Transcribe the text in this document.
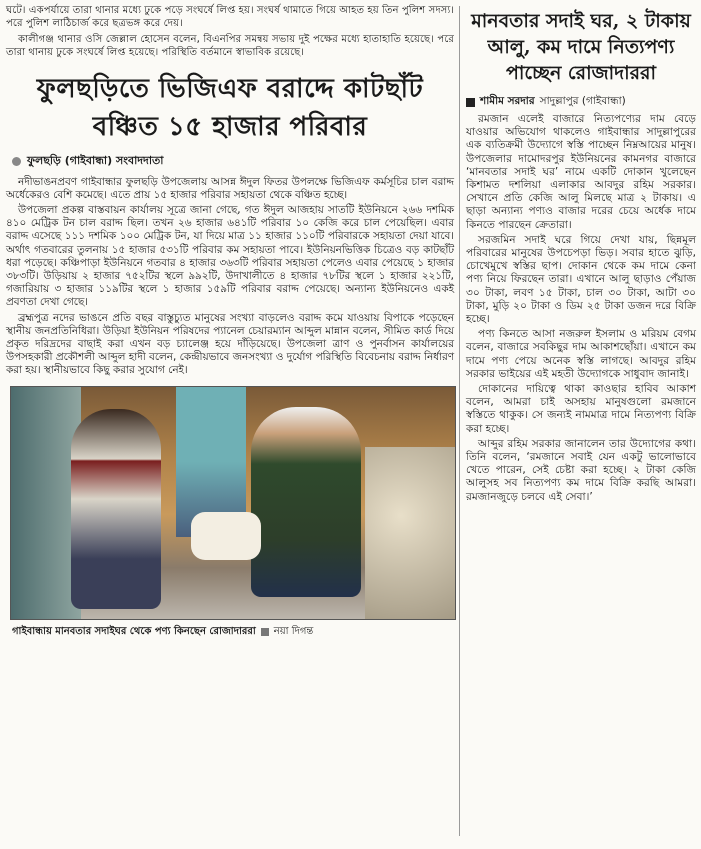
ঘটে। একপর্যায়ে তারা থানার মধ্যে ঢুকে পড়ে সংঘর্ষে লিপ্ত হয়। সংঘর্ষ থামাতে গিয়ে আহত হয় তিন পুলিশ সদস্য। পরে পুলিশ লাঠিচার্জ করে ছত্রভঙ্গ করে দেয়।

কালীগঞ্জ থানার ওসি জেল্লাল হোসেন বলেন, বিএনপির সমন্বয় সভায় দুই পক্ষের মধ্যে হাতাহাতি হয়েছে। পরে তারা থানায় ঢুকে সংঘর্ষে লিপ্ত হয়েছে। পরিস্থিতি বর্তমানে স্বাভাবিক রয়েছে।

ফুলছড়িতে ভিজিএফ বরাদ্দে কাটছাঁট
বঞ্চিত ১৫ হাজার পরিবার
ফুলছড়ি (গাইবান্ধা) সংবাদদাতা

নদীভাঙনপ্রবণ গাইবান্ধার ফুলছড়ি উপজেলায় আসন্ন ঈদুল ফিতর উপলক্ষে ভিজিএফ কর্মসূচির চাল বরাদ্দ অর্ধেকেরও বেশি কমেছে। এতে প্রায় ১৫ হাজার পরিবার সহায়তা থেকে বঞ্চিত হচ্ছে।

উপজেলা প্রকল্প বাস্তবায়ন কার্যালয় সূত্রে জানা গেছে, গত ঈদুল আজহায় সাতটি ইউনিয়নে ২৬৬ দশমিক ৪১০ মেট্রিক টন চাল বরাদ্দ ছিল। তখন ২৬ হাজার ৬৪১টি পরিবার ১০ কেজি করে চাল পেয়েছিল। এবার বরাদ্দ এসেছে ১১১ দশমিক ১০০ মেট্রিক টন, যা দিয়ে মাত্র ১১ হাজার ১১০টি পরিবারকে সহায়তা দেয়া যাবে। অর্থাৎ গতবারের তুলনায় ১৫ হাজার ৫৩১টি পরিবার কম সহায়তা পাবে। ইউনিয়নভিত্তিক চিত্রেও বড় কাটছাঁট ধরা পড়েছে। কঞ্চিপাড়া ইউনিয়নে গতবার ৪ হাজার ৩৬৩টি পরিবার সহায়তা পেলেও এবার পেয়েছে ১ হাজার ৩৮৩টি। উড়িয়ায় ২ হাজার ৭৫২টির স্থলে ৯৯২টি, উদাখালীতে ৪ হাজার ৭৮টির স্থলে ১ হাজার ২২১টি, গজারিয়ায় ৩ হাজার ১১৯টির স্থলে ১ হাজার ১৫৯টি পরিবার বরাদ্দ পেয়েছে। অন্যান্য ইউনিয়নেও একই প্রবণতা দেখা গেছে।

ব্রহ্মপুত্র নদের ভাঙনে প্রতি বছর বাস্তুচ্যুত মানুষের সংখ্যা বাড়লেও বরাদ্দ কমে যাওয়ায় বিপাকে পড়েছেন স্থানীয় জনপ্রতিনিধিরা। উড়িয়া ইউনিয়ন পরিষদের প্যানেল চেয়ারম্যান আব্দুল মান্নান বলেন, সীমিত কার্ড দিয়ে প্রকৃত দরিদ্রদের বাছাই করা এখন বড় চ্যালেঞ্জ হয়ে দাঁড়িয়েছে। উপজেলা ত্রাণ ও পুনর্বাসন কার্যালয়ের উপসহকারী প্রকৌশলী আব্দুল হাদী বলেন, কেন্দ্রীয়ভাবে জনসংখ্যা ও দুর্যোগ পরিস্থিতি বিবেচনায় বরাদ্দ নির্ধারণ করা হয়। স্থানীয়ভাবে কিছু করার সুযোগ নেই।

গাইবান্ধায় মানবতার সদাইঘর থেকে পণ্য কিনছেন রোজাদাররা নয়া দিগন্ত
মানবতার সদাই ঘর, ২ টাকায় আলু, কম দামে নিত্যপণ্য পাচ্ছেন রোজাদাররা
শামীম সরদার সাদুল্লাপুর (গাইবান্ধা)

রমজান এলেই বাজারে নিত্যপণ্যের দাম বেড়ে যাওয়ার অভিযোগ থাকলেও গাইবান্ধার সাদুল্লাপুরের এক ব্যতিক্রমী উদ্যোগে স্বস্তি পাচ্ছেন নিম্নআয়ের মানুষ। উপজেলার দামোদরপুর ইউনিয়নের কামনগর বাজারে ‘মানবতার সদাই ঘর’ নামে একটি দোকান খুলেছেন কিশামত দশলিয়া এলাকার আবদুর রহিম সরকার। সেখানে প্রতি কেজি আলু মিলছে মাত্র ২ টাকায়। এ ছাড়া অন্যান্য পণ্যও বাজার দরের চেয়ে অর্ধেক দামে কিনতে পারছেন ক্রেতারা।

সরজমিন সদাই ঘরে গিয়ে দেখা যায়, ছিন্নমূল পরিবারের মানুষের উপচেপড়া ভিড়। সবার হাতে ঝুড়ি, চোখেমুখে স্বস্তির ছাপ। দোকান থেকে কম দামে কেনা পণ্য নিয়ে ফিরছেন তারা। এখানে আলু ছাড়াও পেঁয়াজ ৩০ টাকা, লবণ ১৫ টাকা, চাল ৩০ টাকা, আটা ৩০ টাকা, মুড়ি ২০ টাকা ও ডিম ২৫ টাকা ডজন দরে বিক্রি হচ্ছে।

পণ্য কিনতে আসা নজরুল ইসলাম ও মরিয়ম বেগম বলেন, বাজারে সবকিছুর দাম আকাশছোঁয়া। এখানে কম দামে পণ্য পেয়ে অনেক স্বস্তি লাগছে। আবদুর রহিম সরকার ভাইয়ের এই মহতী উদ্যোগকে সাধুবাদ জানাই।

দোকানের দায়িত্বে থাকা কাওছার হাবিব আকাশ বলেন, আমরা চাই অসহায় মানুষগুলো রমজানে স্বস্তিতে থাকুক। সে জন্যই নামমাত্র দামে নিত্যপণ্য বিক্রি করা হচ্ছে।

আব্দুর রহিম সরকার জানালেন তার উদ্যোগের কথা। তিনি বলেন, ‘রমজানে সবাই যেন একটু ভালোভাবে খেতে পারেন, সেই চেষ্টা করা হচ্ছে। ২ টাকা কেজি আলুসহ সব নিত্যপণ্য কম দামে বিক্রি করছি আমরা। রমজানজুড়ে চলবে এই সেবা।’
